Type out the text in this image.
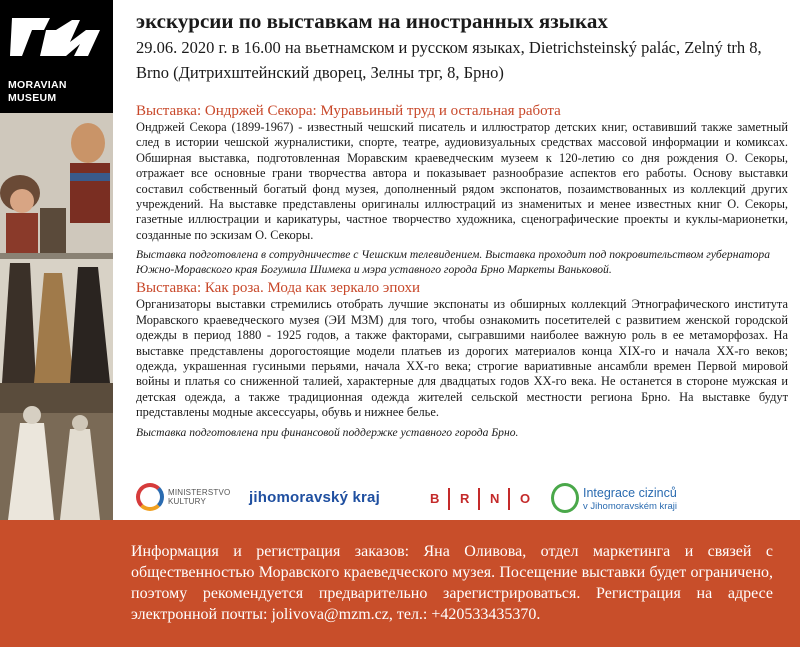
MORAVIAN
MUSEUM
экскурсии по выставкам на иностранных языках
29.06. 2020 г. в 16.00 на вьетнамском и русском языках, Dietrichsteinský palác, Zelný trh 8, Brno (Дитрихштейнский дворец, Зелны трг, 8, Брно)
Выставка: Ондржей Секора: Муравьиный труд и остальная работа
Ондржей Секора (1899-1967) - известный чешский писатель и иллюстратор детских книг, оставивший также заметный след в истории чешской журналистики, спорте, театре, аудиовизуальных средствах массовой информации и комиксах. Обширная выставка, подготовленная Моравским краеведческим музеем к 120-летию со дня рождения О. Секоры, отражает все основные грани творчества автора и показывает разнообразие аспектов его работы. Основу выставки составил собственный богатый фонд музея, дополненный рядом экспонатов, позаимствованных из коллекций других учреждений. На выставке представлены оригиналы иллюстраций из знаменитых и менее известных книг О. Секоры, газетные иллюстрации и карикатуры, частное творчество художника, сценографические проекты и куклы-марионетки, созданные по эскизам О. Секоры.
Выставка подготовлена в сотрудничестве с Чешским телевидением. Выставка проходит под покровительством губернатора Южно-Моравского края Богумила Шимека и мэра уставного города Брно Маркеты Ваньковой.
Выставка: Как роза. Мода как зеркало эпохи
Организаторы выставки стремились отобрать лучшие экспонаты из обширных коллекций Этнографического института Моравского краеведческого музея (ЭИ МЗМ) для того, чтобы ознакомить посетителей с развитием женской городской одежды в период 1880 - 1925 годов, а также факторами, сыгравшими наиболее важную роль в ее метаморфозах. На выставке представлены дорогостоящие модели платьев из дорогих материалов конца XIX-го и начала XX-го веков; одежда, украшенная гусиными перьями, начала XX-го века; строгие вариативные ансамбли времен Первой мировой войны и платья со сниженной талией, характерные для двадцатых годов XX-го века. Не останется в стороне мужская и детская одежда, а также традиционная одежда жителей сельской местности региона Брно. На выставке будут представлены модные аксессуары, обувь и нижнее белье.
Выставка подготовлена при финансовой поддержке уставного города Брно.
MINISTERSTVO
KULTURY	jihomoravský kraj	B R N O	Integrace cizinců
v Jihomoravském kraji
Информация и регистрация заказов: Яна Оливова, отдел маркетинга и связей с общественностью Моравского краеведческого музея. Посещение выставки будет ограничено, поэтому рекомендуется предварительно зарегистрироваться. Регистрация на адресе электронной почты: jolivova@mzm.cz, тел.: +420533435370.
